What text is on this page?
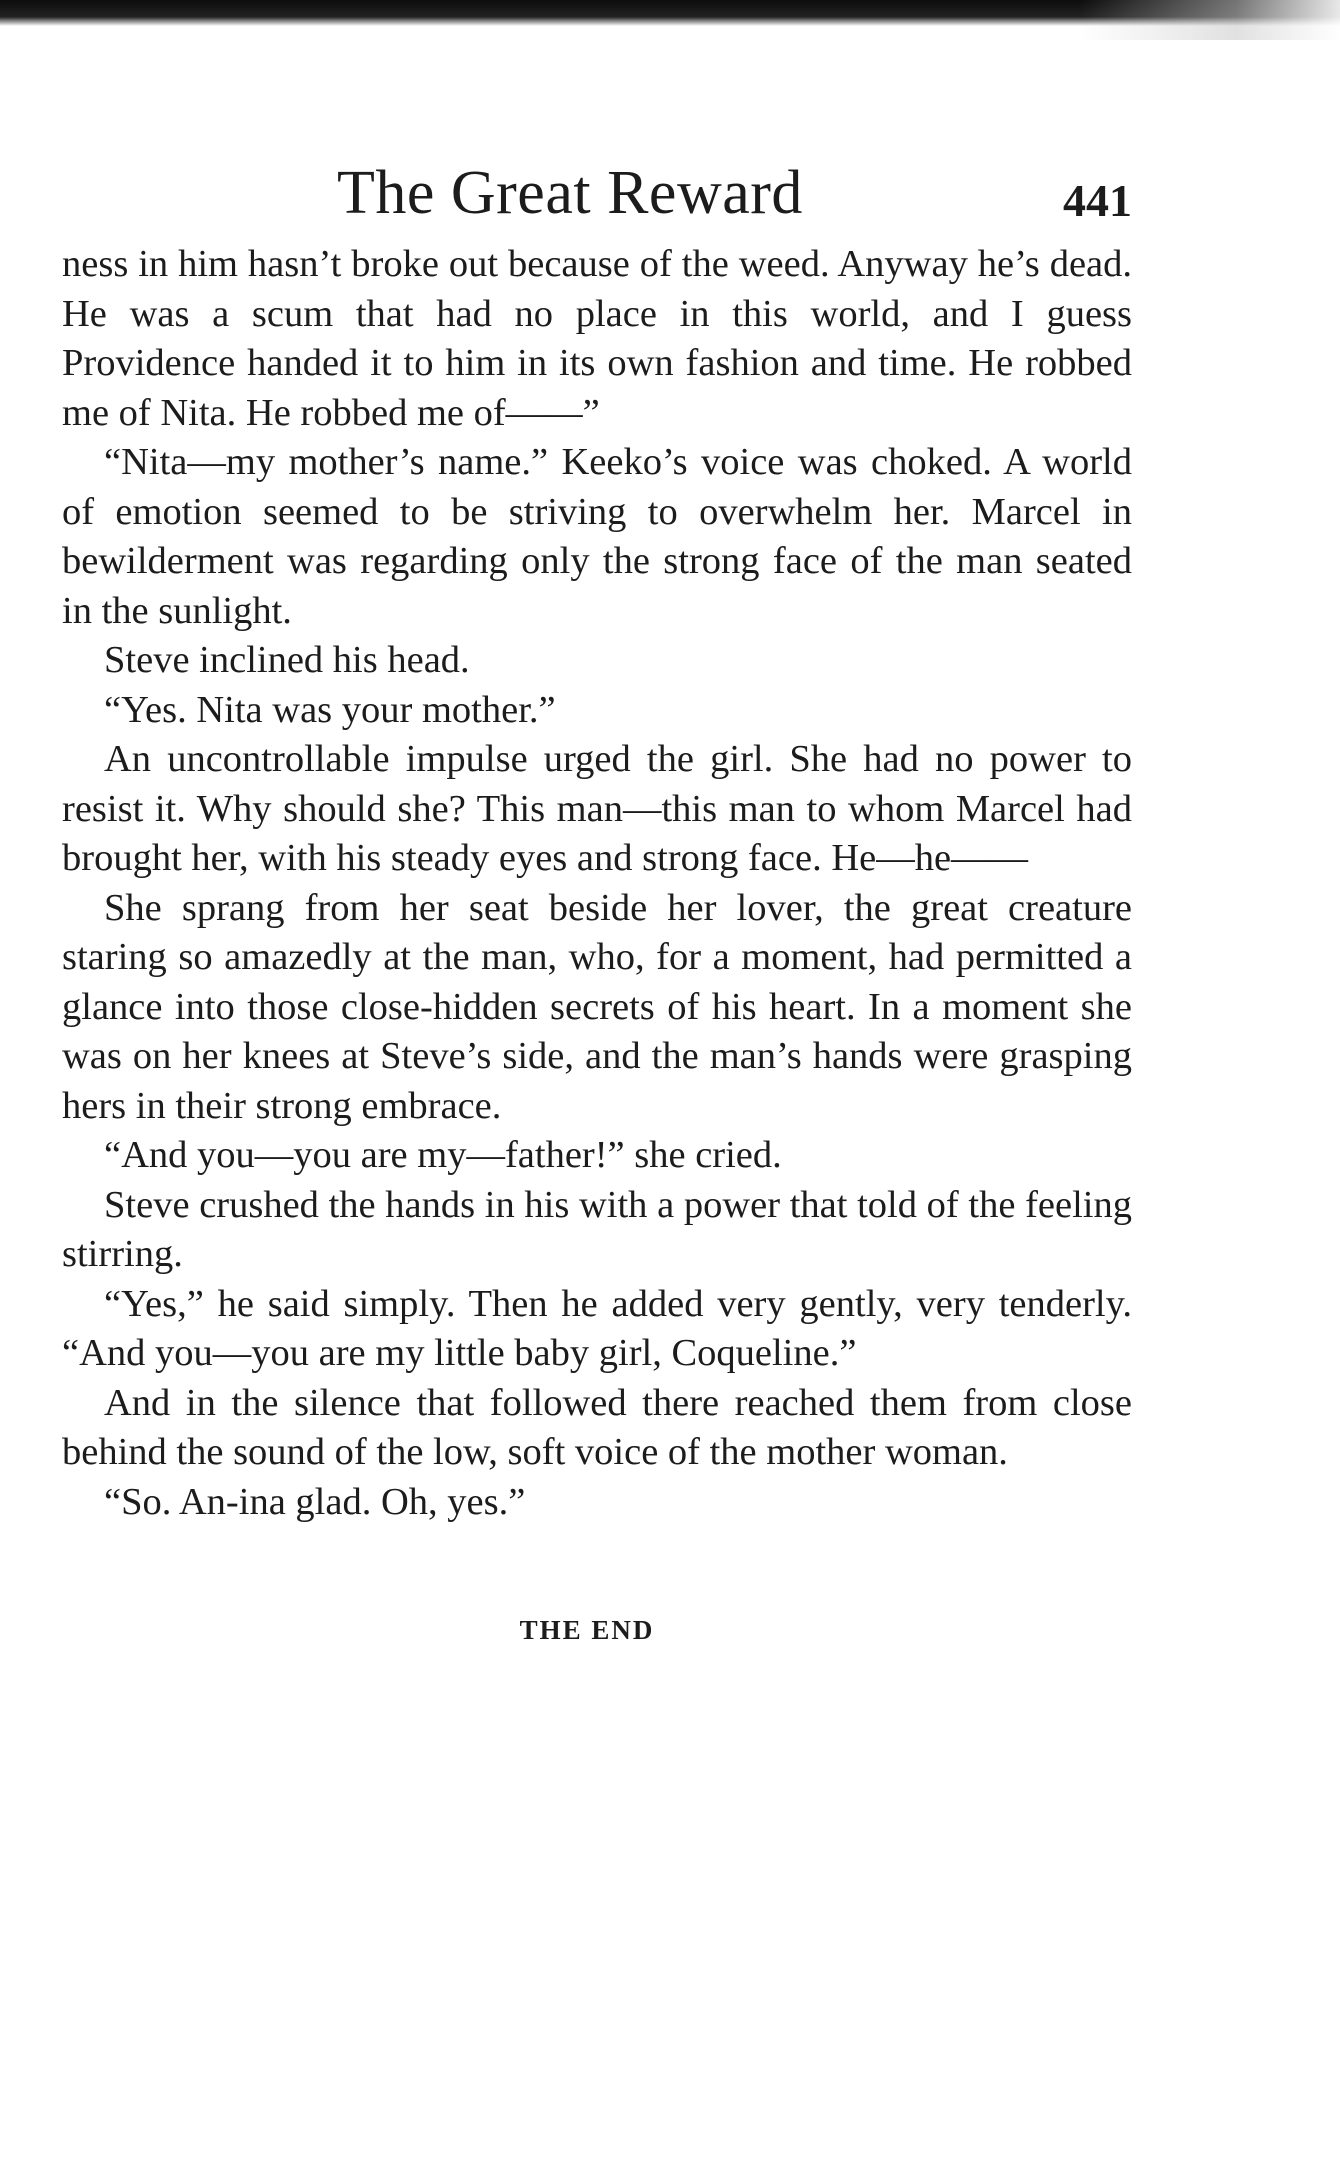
The Great Reward	441

ness in him hasn’t broke out because of the weed. Anyway he’s dead. He was a scum that had no place in this world, and I guess Providence handed it to him in its own fashion and time. He robbed me of Nita. He robbed me of——”

“Nita—my mother’s name.” Keeko’s voice was choked. A world of emotion seemed to be striving to overwhelm her. Marcel in bewilderment was regarding only the strong face of the man seated in the sunlight.

Steve inclined his head.

“Yes. Nita was your mother.”

An uncontrollable impulse urged the girl. She had no power to resist it. Why should she? This man—this man to whom Marcel had brought her, with his steady eyes and strong face. He—he——

She sprang from her seat beside her lover, the great creature staring so amazedly at the man, who, for a moment, had permitted a glance into those close-hidden secrets of his heart. In a moment she was on her knees at Steve’s side, and the man’s hands were grasping hers in their strong embrace.

“And you—you are my—father!” she cried.

Steve crushed the hands in his with a power that told of the feeling stirring.

“Yes,” he said simply. Then he added very gently, very tenderly. “And you—you are my little baby girl, Coqueline.”

And in the silence that followed there reached them from close behind the sound of the low, soft voice of the mother woman.

“So. An-ina glad. Oh, yes.”

THE END
